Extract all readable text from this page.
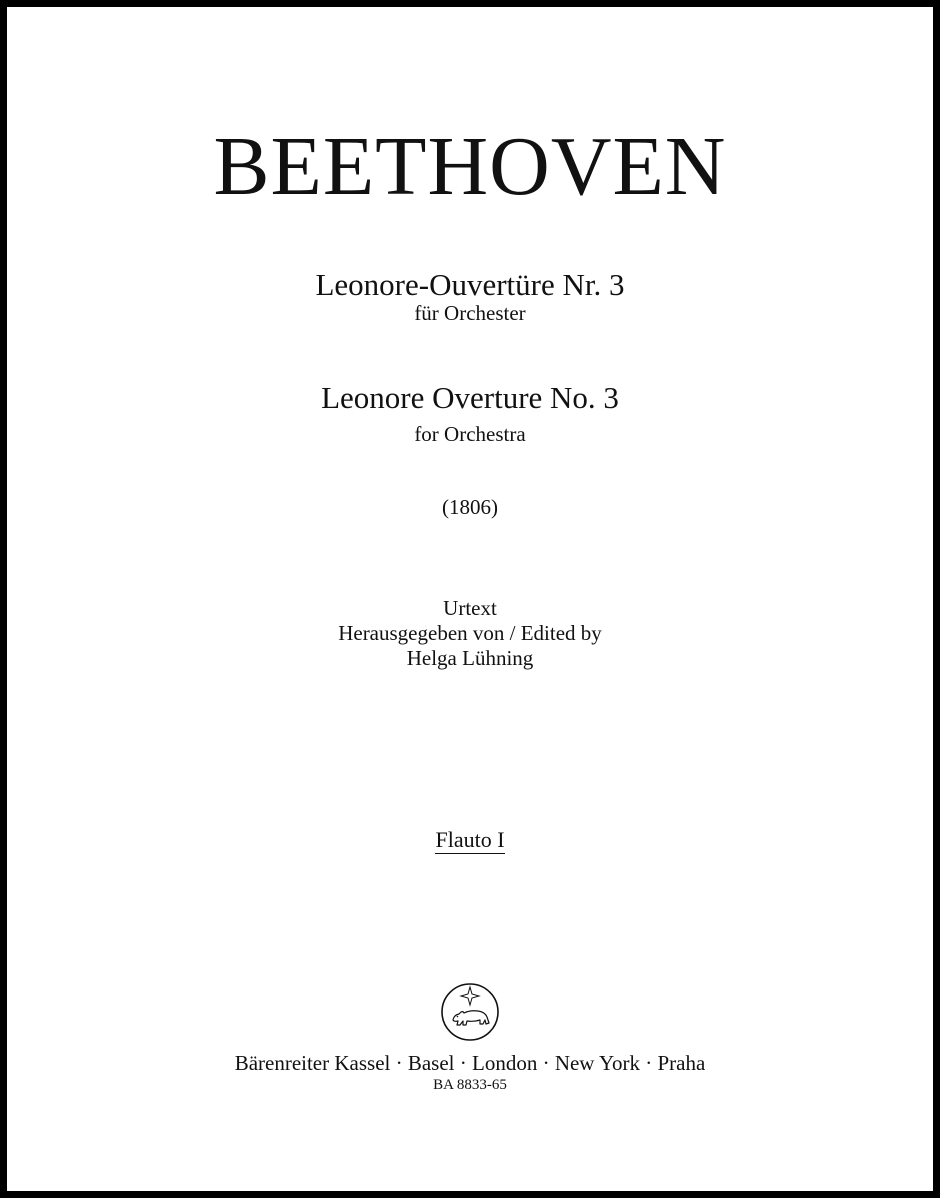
BEETHOVEN
Leonore-Ouvertüre Nr. 3
für Orchester
Leonore Overture No. 3
for Orchestra
(1806)
Urtext
Herausgegeben von / Edited by
Helga Lühning
Flauto I
Bärenreiter Kassel · Basel · London · New York · Praha
BA 8833-65
